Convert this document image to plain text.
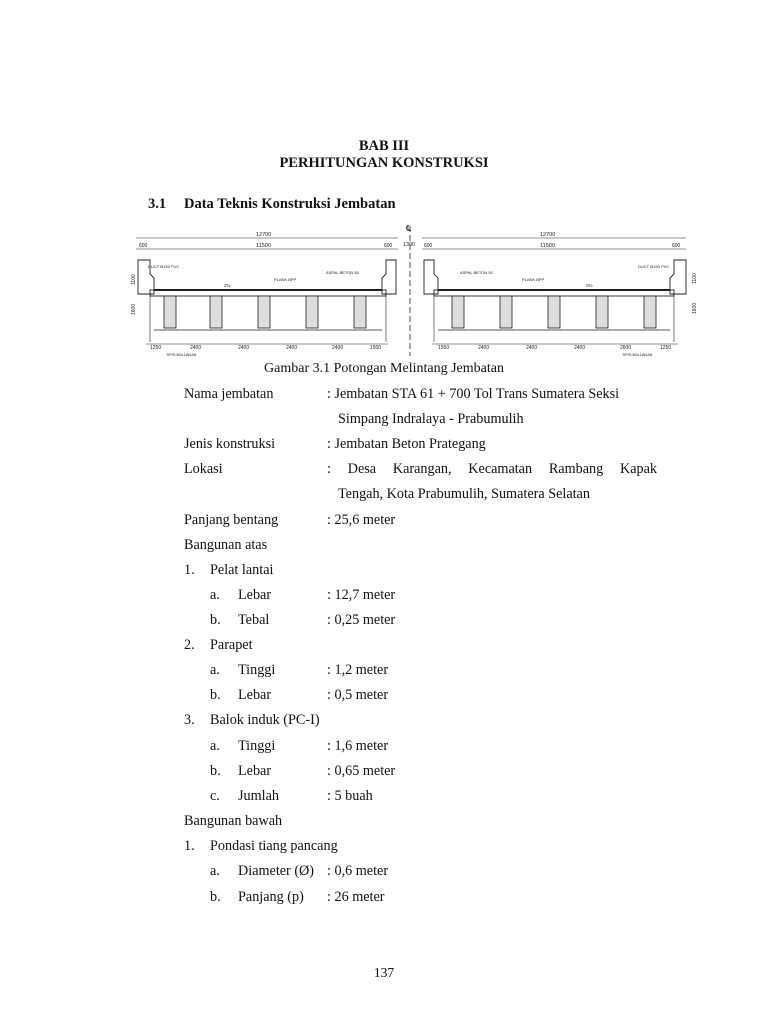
BAB III
PERHITUNGAN KONSTRUKSI
3.1 Data Teknis Konstruksi Jembatan
℄
12700	12700
1300
600	11500	600	600	11500	600
1100
1600
1100
1600
DUCT Ø150 PVC	DUCT Ø150 PVC
ASPAL BETON 50	ASPAL BETON 50
PLANK BPP	PLANK BPP
2%	2%
1250	2400	2400	2400	2400	1500	1550	2400	2400	2400	2600	1250
TIPIS BALLANAN	TIPIS BALLANAN
Gambar 3.1 Potongan Melintang Jembatan
Nama jembatan	: Jembatan STA 61 + 700 Tol Trans Sumatera Seksi
Simpang Indralaya - Prabumulih
Jenis konstruksi	: Jembatan Beton Prategang
Lokasi	: Desa Karangan, Kecamatan Rambang Kapak
Tengah, Kota Prabumulih, Sumatera Selatan
Panjang bentang	: 25,6 meter
Bangunan atas
1. Pelat lantai
a. Lebar	: 12,7 meter
b. Tebal	: 0,25 meter
2. Parapet
a. Tinggi	: 1,2 meter
b. Lebar	: 0,5 meter
3. Balok induk (PC-I)
a. Tinggi	: 1,6 meter
b. Lebar	: 0,65 meter
c. Jumlah	: 5 buah
Bangunan bawah
1. Pondasi tiang pancang
a. Diameter (Ø) : 0,6 meter
b. Panjang (p) : 26 meter
137
